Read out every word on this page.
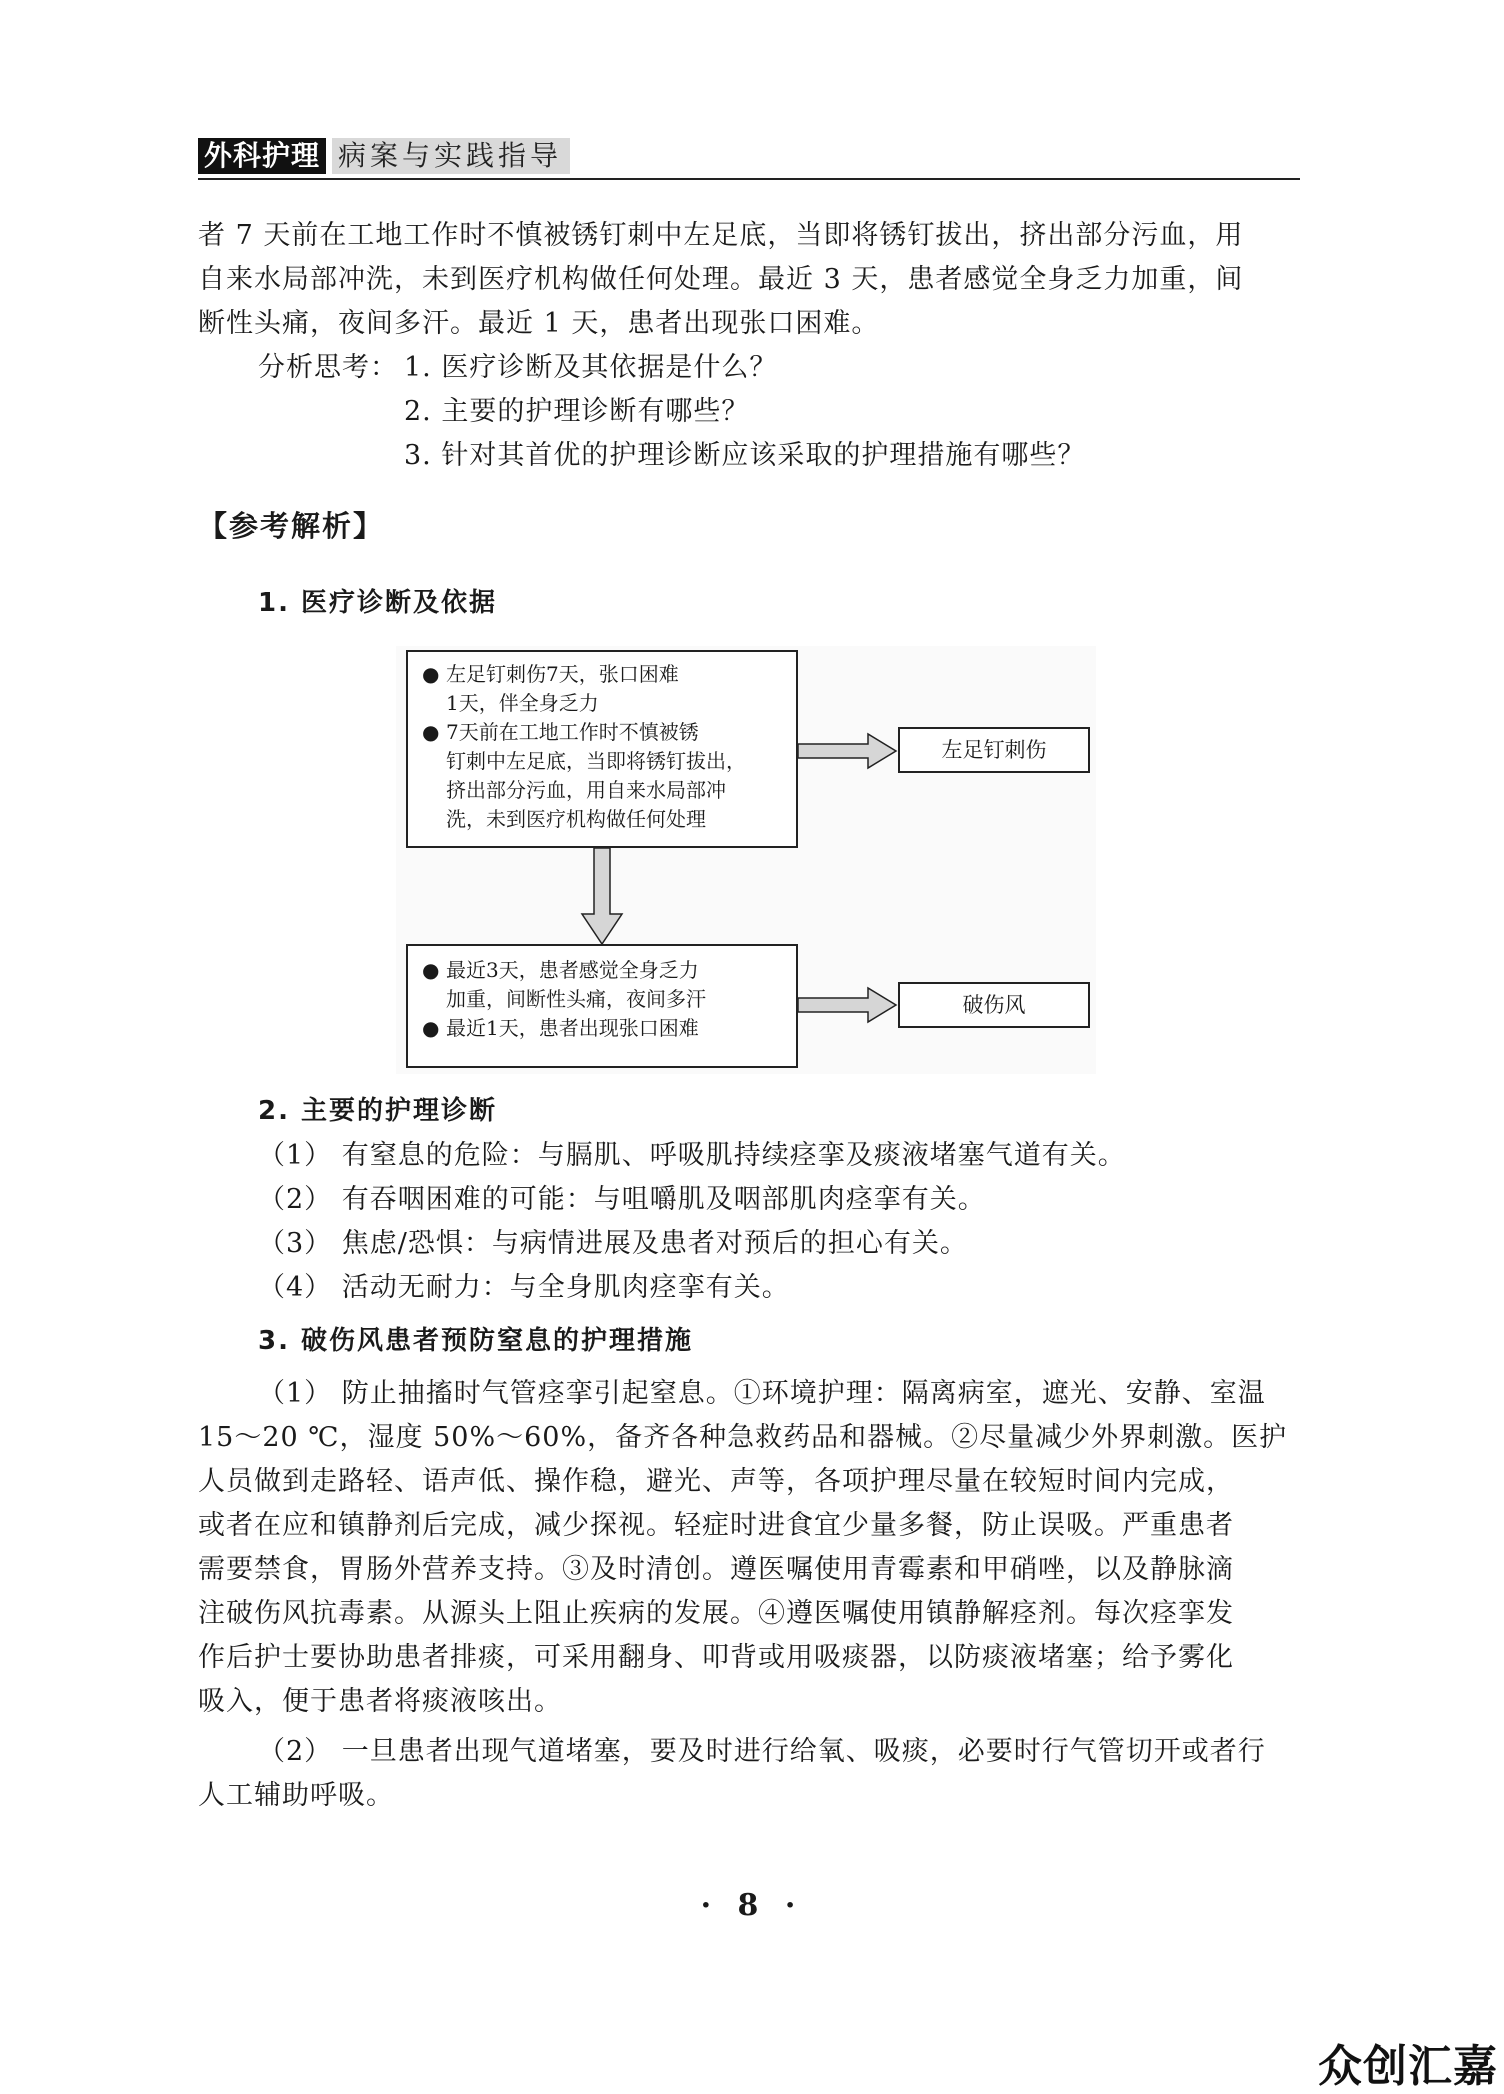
外科护理 病案与实践指导
者 7 天前在工地工作时不慎被锈钉刺中左足底，当即将锈钉拔出，挤出部分污血，用
自来水局部冲洗，未到医疗机构做任何处理。最近 3 天，患者感觉全身乏力加重，间
断性头痛，夜间多汗。最近 1 天，患者出现张口困难。
分析思考： 1. 医疗诊断及其依据是什么？
2. 主要的护理诊断有哪些？
3. 针对其首优的护理诊断应该采取的护理措施有哪些？
【参考解析】
1. 医疗诊断及依据
● 左足钉刺伤7天，张口困难
1天，伴全身乏力
● 7天前在工地工作时不慎被锈
钉刺中左足底，当即将锈钉拔出，
挤出部分污血，用自来水局部冲
洗，未到医疗机构做任何处理
左足钉刺伤
● 最近3天，患者感觉全身乏力
加重，间断性头痛，夜间多汗
● 最近1天，患者出现张口困难
破伤风
2. 主要的护理诊断
（1） 有窒息的危险：与膈肌、呼吸肌持续痉挛及痰液堵塞气道有关。
（2） 有吞咽困难的可能：与咀嚼肌及咽部肌肉痉挛有关。
（3） 焦虑/恐惧：与病情进展及患者对预后的担心有关。
（4） 活动无耐力：与全身肌肉痉挛有关。
3. 破伤风患者预防窒息的护理措施
（1） 防止抽搐时气管痉挛引起窒息。①环境护理：隔离病室，遮光、安静、室温
15～20 ℃，湿度 50%～60%，备齐各种急救药品和器械。②尽量减少外界刺激。医护
人员做到走路轻、语声低、操作稳，避光、声等，各项护理尽量在较短时间内完成，
或者在应和镇静剂后完成，减少探视。轻症时进食宜少量多餐，防止误吸。严重患者
需要禁食，胃肠外营养支持。③及时清创。遵医嘱使用青霉素和甲硝唑，以及静脉滴
注破伤风抗毒素。从源头上阻止疾病的发展。④遵医嘱使用镇静解痉剂。每次痉挛发
作后护士要协助患者排痰，可采用翻身、叩背或用吸痰器，以防痰液堵塞；给予雾化
吸入，便于患者将痰液咳出。
（2） 一旦患者出现气道堵塞，要及时进行给氧、吸痰，必要时行气管切开或者行
人工辅助呼吸。
· 8 ·
众创汇嘉
